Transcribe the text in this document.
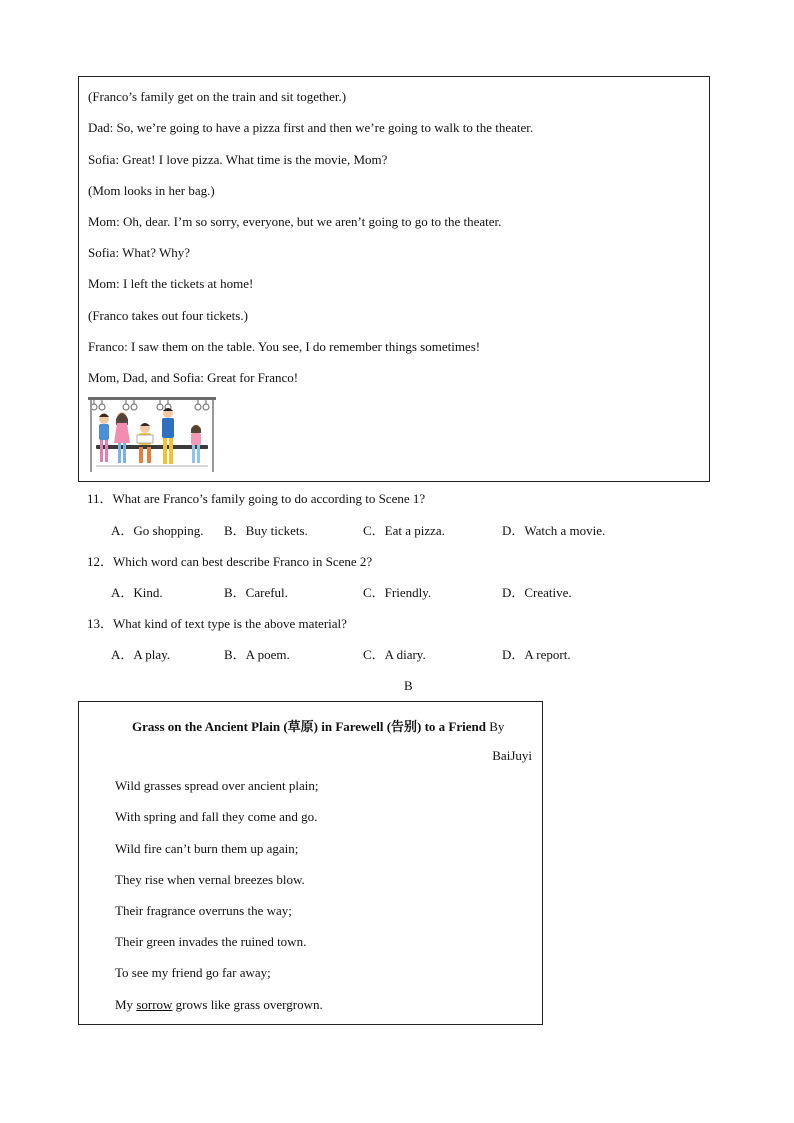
(Franco’s family get on the train and sit together.)
Dad: So, we’re going to have a pizza first and then we’re going to walk to the theater.
Sofia: Great! I love pizza. What time is the movie, Mom?
(Mom looks in her bag.)
Mom: Oh, dear. I’m so sorry, everyone, but we aren’t going to go to the theater.
Sofia: What? Why?
Mom: I left the tickets at home!
(Franco takes out four tickets.)
Franco: I saw them on the table. You see, I do remember things sometimes!
Mom, Dad, and Sofia: Great for Franco!
11．What are Franco’s family going to do according to Scene 1?
A．Go shopping. B．Buy tickets.	C．Eat a pizza.	D．Watch a movie.
12．Which word can best describe Franco in Scene 2?
A．Kind.	B．Careful.	C．Friendly.	D．Creative.
13．What kind of text type is the above material?
A．A play.	B．A poem.	C．A diary.	D．A report.
B
Grass on the Ancient Plain (草原) in Farewell (告别) to a Friend By
BaiJuyi
Wild grasses spread over ancient plain;
With spring and fall they come and go.
Wild fire can’t burn them up again;
They rise when vernal breezes blow.
Their fragrance overruns the way;
Their green invades the ruined town.
To see my friend go far away;
My sorrow grows like grass overgrown.
